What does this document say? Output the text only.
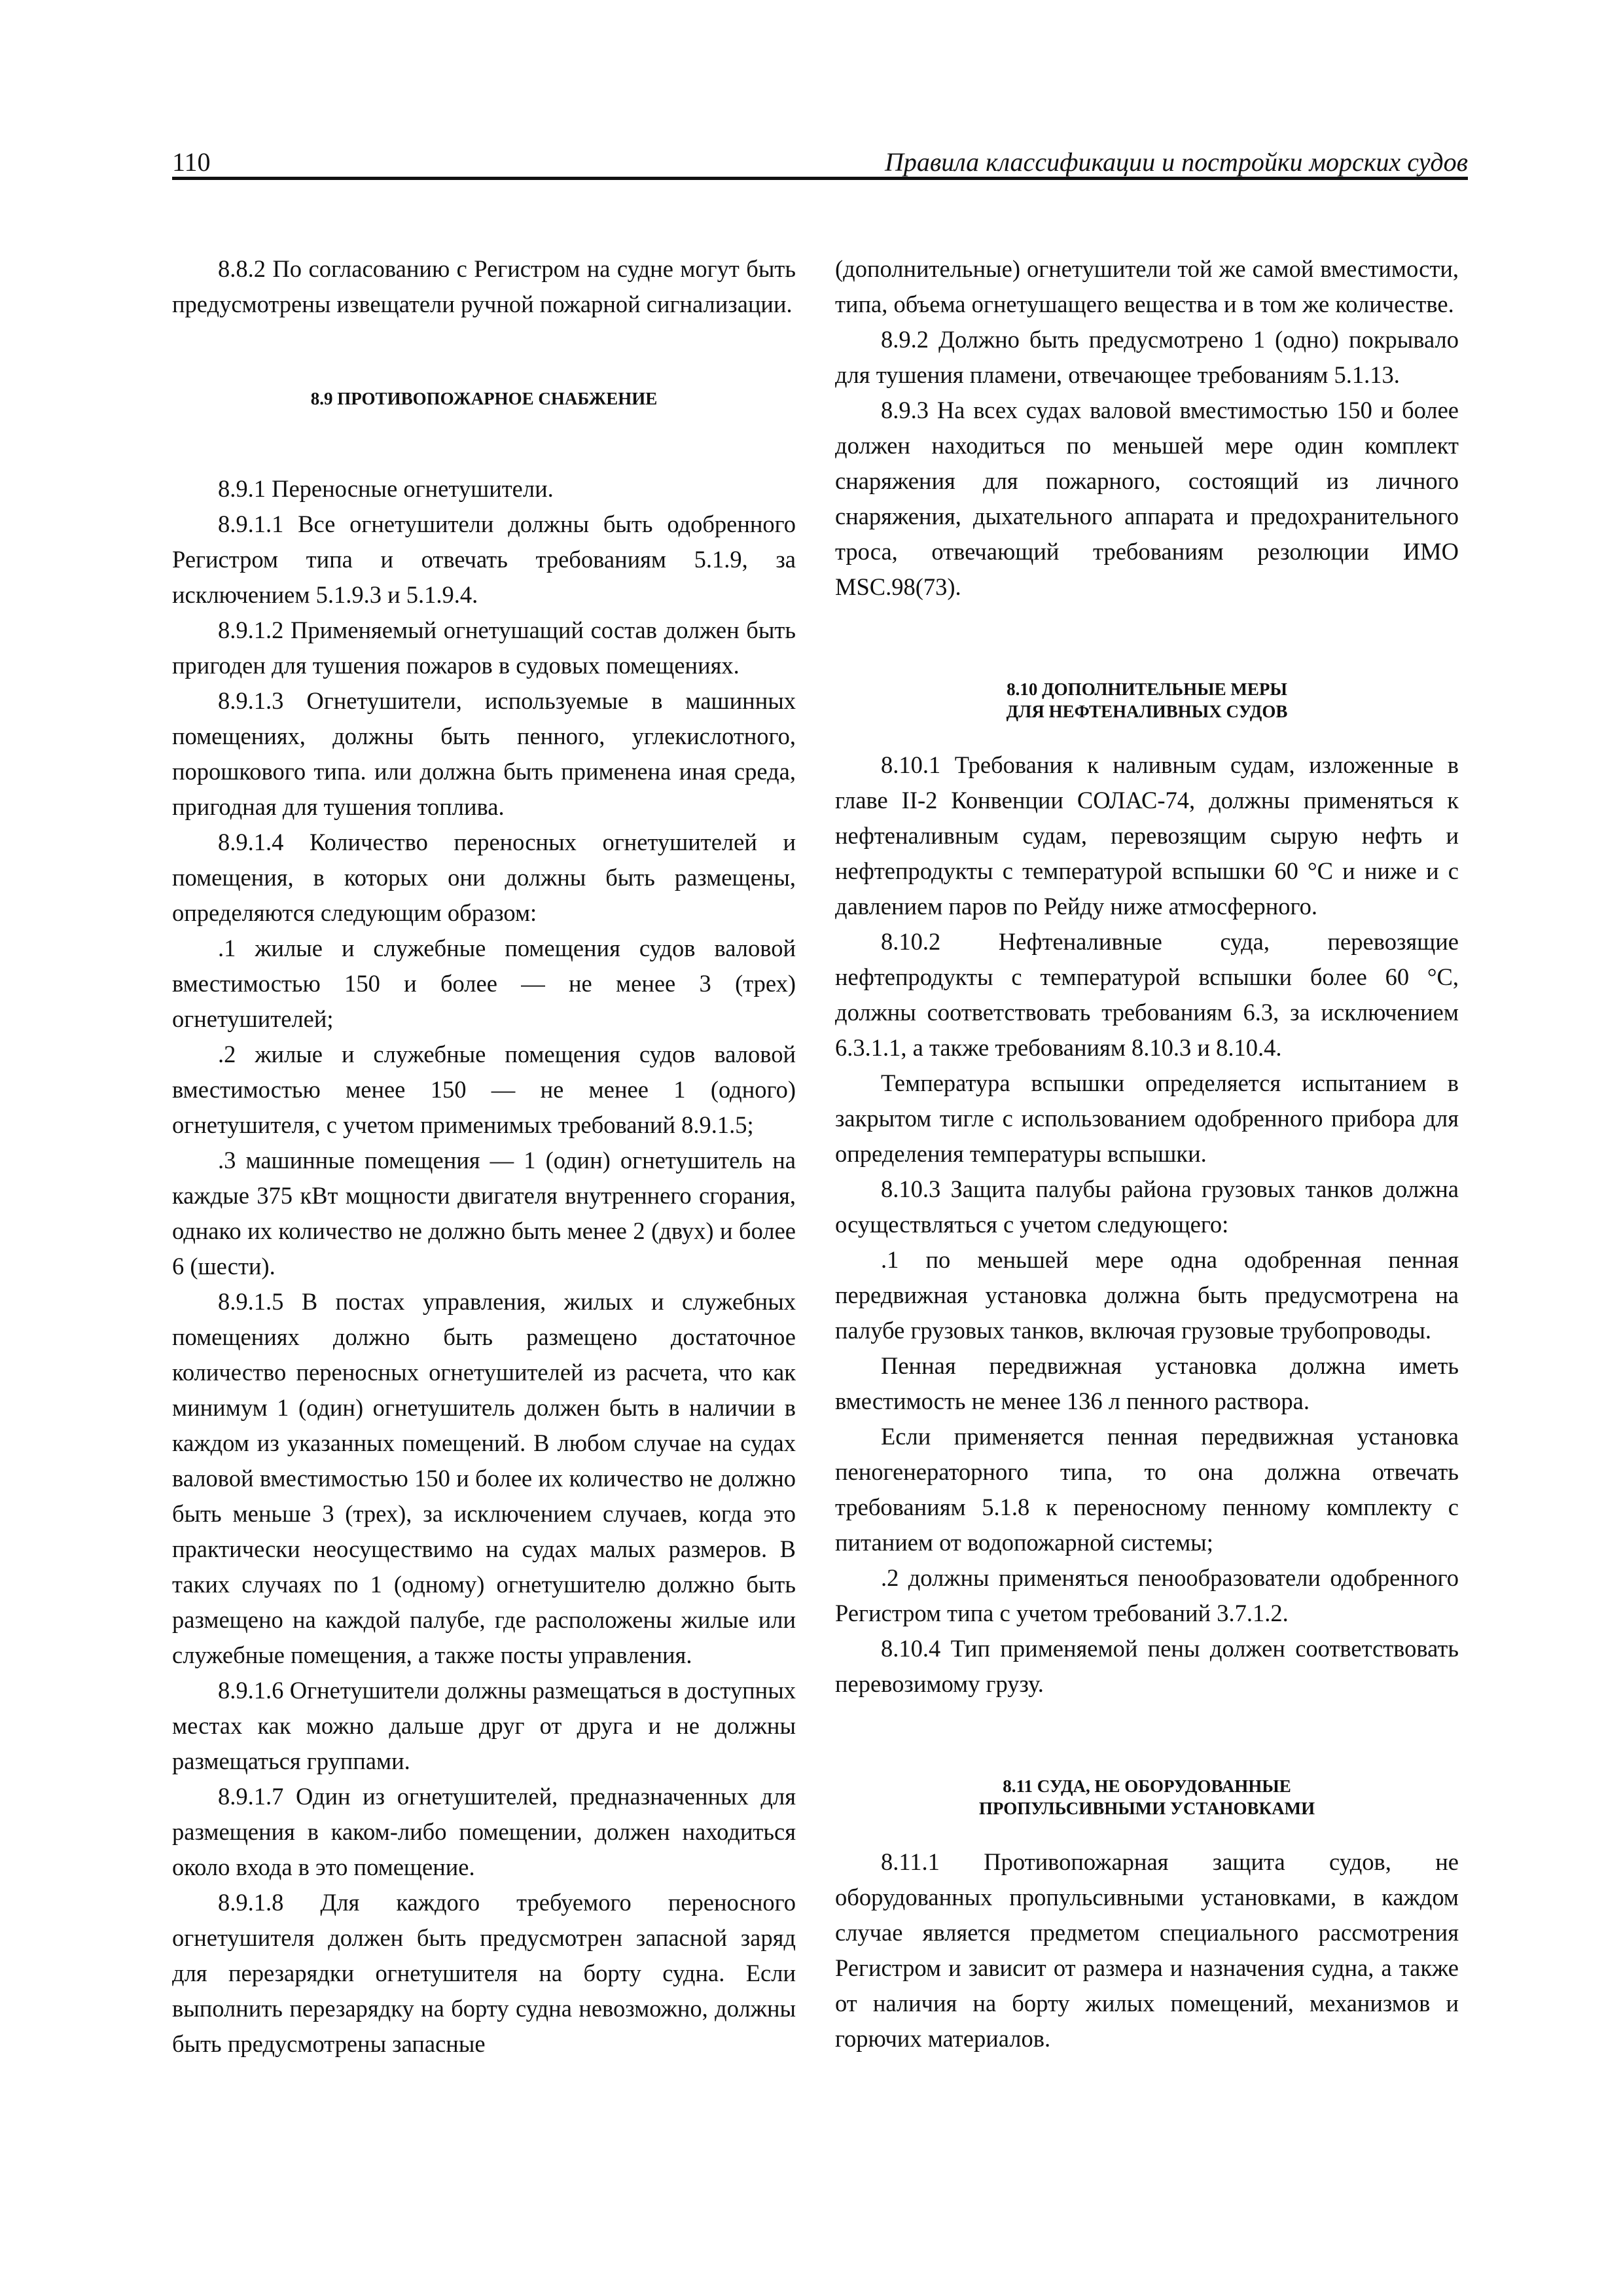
110	Правила классификации и постройки морских судов

8.8.2 По согласованию с Регистром на судне могут быть предусмотрены извещатели ручной пожарной сигнализации.

8.9 ПРОТИВОПОЖАРНОЕ СНАБЖЕНИЕ

8.9.1 Переносные огнетушители.

8.9.1.1 Все огнетушители должны быть одобренного Регистром типа и отвечать требованиям 5.1.9, за исключением 5.1.9.3 и 5.1.9.4.

8.9.1.2 Применяемый огнетушащий состав должен быть пригоден для тушения пожаров в судовых помещениях.

8.9.1.3 Огнетушители, используемые в машинных помещениях, должны быть пенного, углекислотного, порошкового типа. или должна быть применена иная среда, пригодная для тушения топлива.

8.9.1.4 Количество переносных огнетушителей и помещения, в которых они должны быть размещены, определяются следующим образом:

.1 жилые и служебные помещения судов валовой вместимостью 150 и более — не менее 3 (трех) огнетушителей;

.2 жилые и служебные помещения судов валовой вместимостью менее 150 — не менее 1 (одного) огнетушителя, с учетом применимых требований 8.9.1.5;

.3 машинные помещения — 1 (один) огнетушитель на каждые 375 кВт мощности двигателя внутреннего сгорания, однако их количество не должно быть менее 2 (двух) и более 6 (шести).

8.9.1.5 В постах управления, жилых и служебных помещениях должно быть размещено достаточное количество переносных огнетушителей из расчета, что как минимум 1 (один) огнетушитель должен быть в наличии в каждом из указанных помещений. В любом случае на судах валовой вместимостью 150 и более их количество не должно быть меньше 3 (трех), за исключением случаев, когда это практически неосуществимо на судах малых размеров. В таких случаях по 1 (одному) огнетушителю должно быть размещено на каждой палубе, где расположены жилые или служебные помещения, а также посты управления.

8.9.1.6 Огнетушители должны размещаться в доступных местах как можно дальше друг от друга и не должны размещаться группами.

8.9.1.7 Один из огнетушителей, предназначенных для размещения в каком-либо помещении, должен находиться около входа в это помещение.

8.9.1.8 Для каждого требуемого переносного огнетушителя должен быть предусмотрен запасной заряд для перезарядки огнетушителя на борту судна. Если выполнить перезарядку на борту судна невозможно, должны быть предусмотрены запасные

(дополнительные) огнетушители той же самой вместимости, типа, объема огнетушащего вещества и в том же количестве.

8.9.2 Должно быть предусмотрено 1 (одно) покрывало для тушения пламени, отвечающее требованиям 5.1.13.

8.9.3 На всех судах валовой вместимостью 150 и более должен находиться по меньшей мере один комплект снаряжения для пожарного, состоящий из личного снаряжения, дыхательного аппарата и предохранительного троса, отвечающий требованиям резолюции ИМО MSC.98(73).

8.10 ДОПОЛНИТЕЛЬНЫЕ МЕРЫ
ДЛЯ НЕФТЕНАЛИВНЫХ СУДОВ

8.10.1 Требования к наливным судам, изложенные в главе II-2 Конвенции СОЛАС-74, должны применяться к нефтеналивным судам, перевозящим сырую нефть и нефтепродукты с температурой вспышки 60 °С и ниже и с давлением паров по Рейду ниже атмосферного.

8.10.2 Нефтеналивные суда, перевозящие нефтепродукты с температурой вспышки более 60 °С, должны соответствовать требованиям 6.3, за исключением 6.3.1.1, а также требованиям 8.10.3 и 8.10.4.

Температура вспышки определяется испытанием в закрытом тигле с использованием одобренного прибора для определения температуры вспышки.

8.10.3 Защита палубы района грузовых танков должна осуществляться с учетом следующего:

.1 по меньшей мере одна одобренная пенная передвижная установка должна быть предусмотрена на палубе грузовых танков, включая грузовые трубопроводы.

Пенная передвижная установка должна иметь вместимость не менее 136 л пенного раствора.

Если применяется пенная передвижная установка пеногенераторного типа, то она должна отвечать требованиям 5.1.8 к переносному пенному комплекту с питанием от водопожарной системы;

.2 должны применяться пенообразователи одобренного Регистром типа с учетом требований 3.7.1.2.

8.10.4 Тип применяемой пены должен соответствовать перевозимому грузу.

8.11 СУДА, НЕ ОБОРУДОВАННЫЕ
ПРОПУЛЬСИВНЫМИ УСТАНОВКАМИ

8.11.1 Противопожарная защита судов, не оборудованных пропульсивными установками, в каждом случае является предметом специального рассмотрения Регистром и зависит от размера и назначения судна, а также от наличия на борту жилых помещений, механизмов и горючих материалов.
